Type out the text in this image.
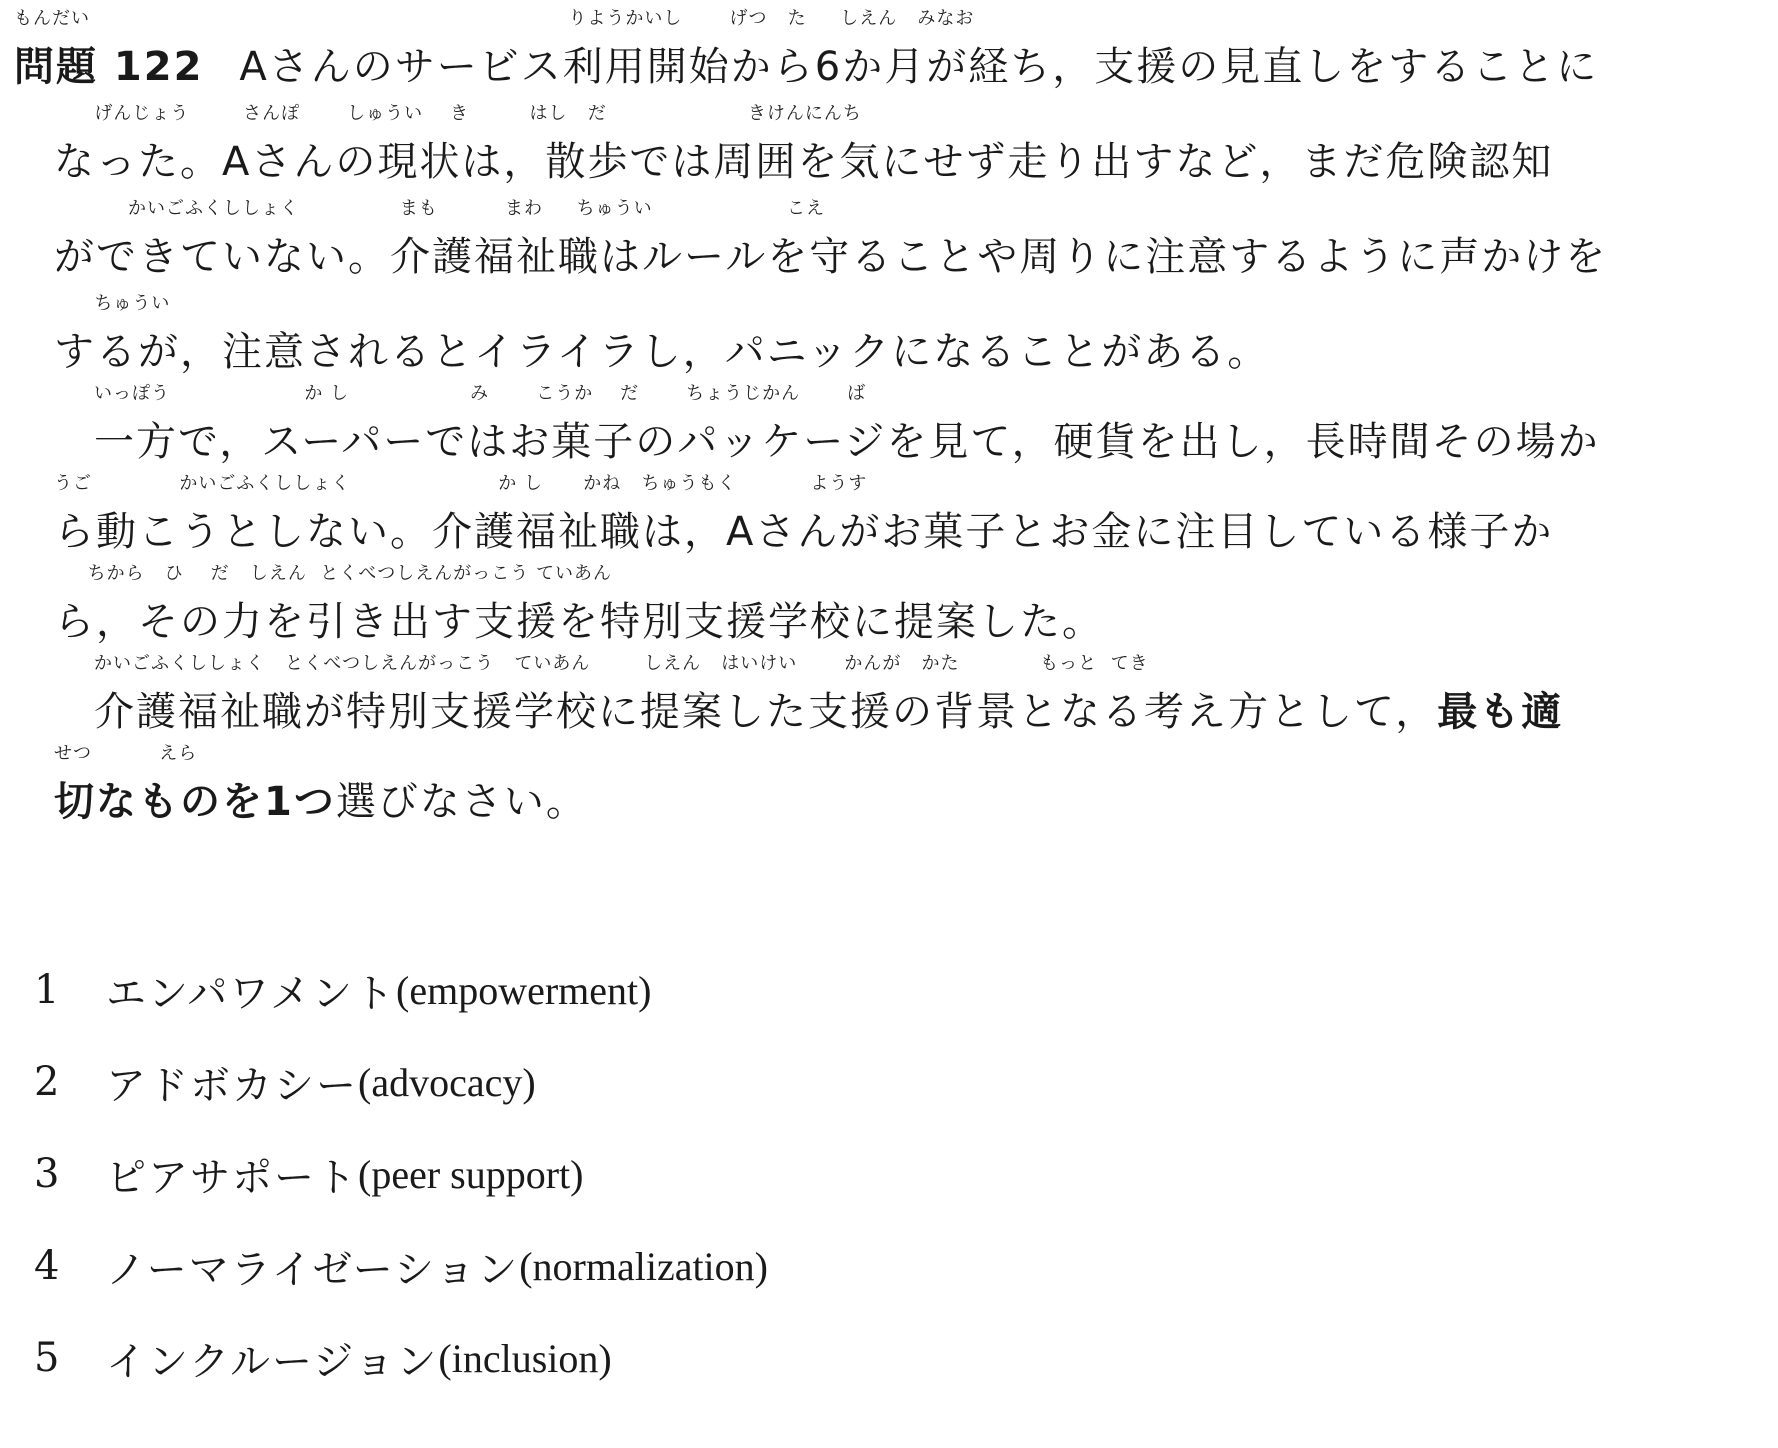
もんだい	りようかいし       げつ   た     しえん   みなお
問題 122 Aさんのサービス利用開始から6か月が経ち，支援の見直しをすることに
げんじょう        さんぽ       しゅうい    き         はし   だ                     きけんにんち
なった。Aさんの現状は，散歩では周囲を気にせず走り出すなど，まだ危険認知
かいごふくししょく               まも          まわ     ちゅうい                    こえ
ができていない。介護福祉職はルールを守ることや周りに注意するように声かけを
ちゅうい
するが，注意されるとイライラし，パニックになることがある。
いっぽう                    か し                  み       こうか    だ       ちょうじかん       ば
一方で，スーパーではお菓子のパッケージを見て，硬貨を出し，長時間その場か
うご             かいごふくししょく                      か し      かね   ちゅうもく           ようす
ら動こうとしない。介護福祉職は，Aさんがお菓子とお金に注目している様子か
ちから   ひ    だ   しえん  とくべつしえんがっこう ていあん
ら，その力を引き出す支援を特別支援学校に提案した。
かいごふくししょく   とくべつしえんがっこう   ていあん        しえん   はいけい       かんが   かた            もっと  てき
介護福祉職が特別支援学校に提案した支援の背景となる考え方として，最も適
せつ          えら
切なものを1つ選びなさい。
1	エンパワメント (empowerment)
2	アドボカシー (advocacy)
3	ピアサポート (peer support)
4	ノーマライゼーション (normalization)
5	インクルージョン (inclusion)
